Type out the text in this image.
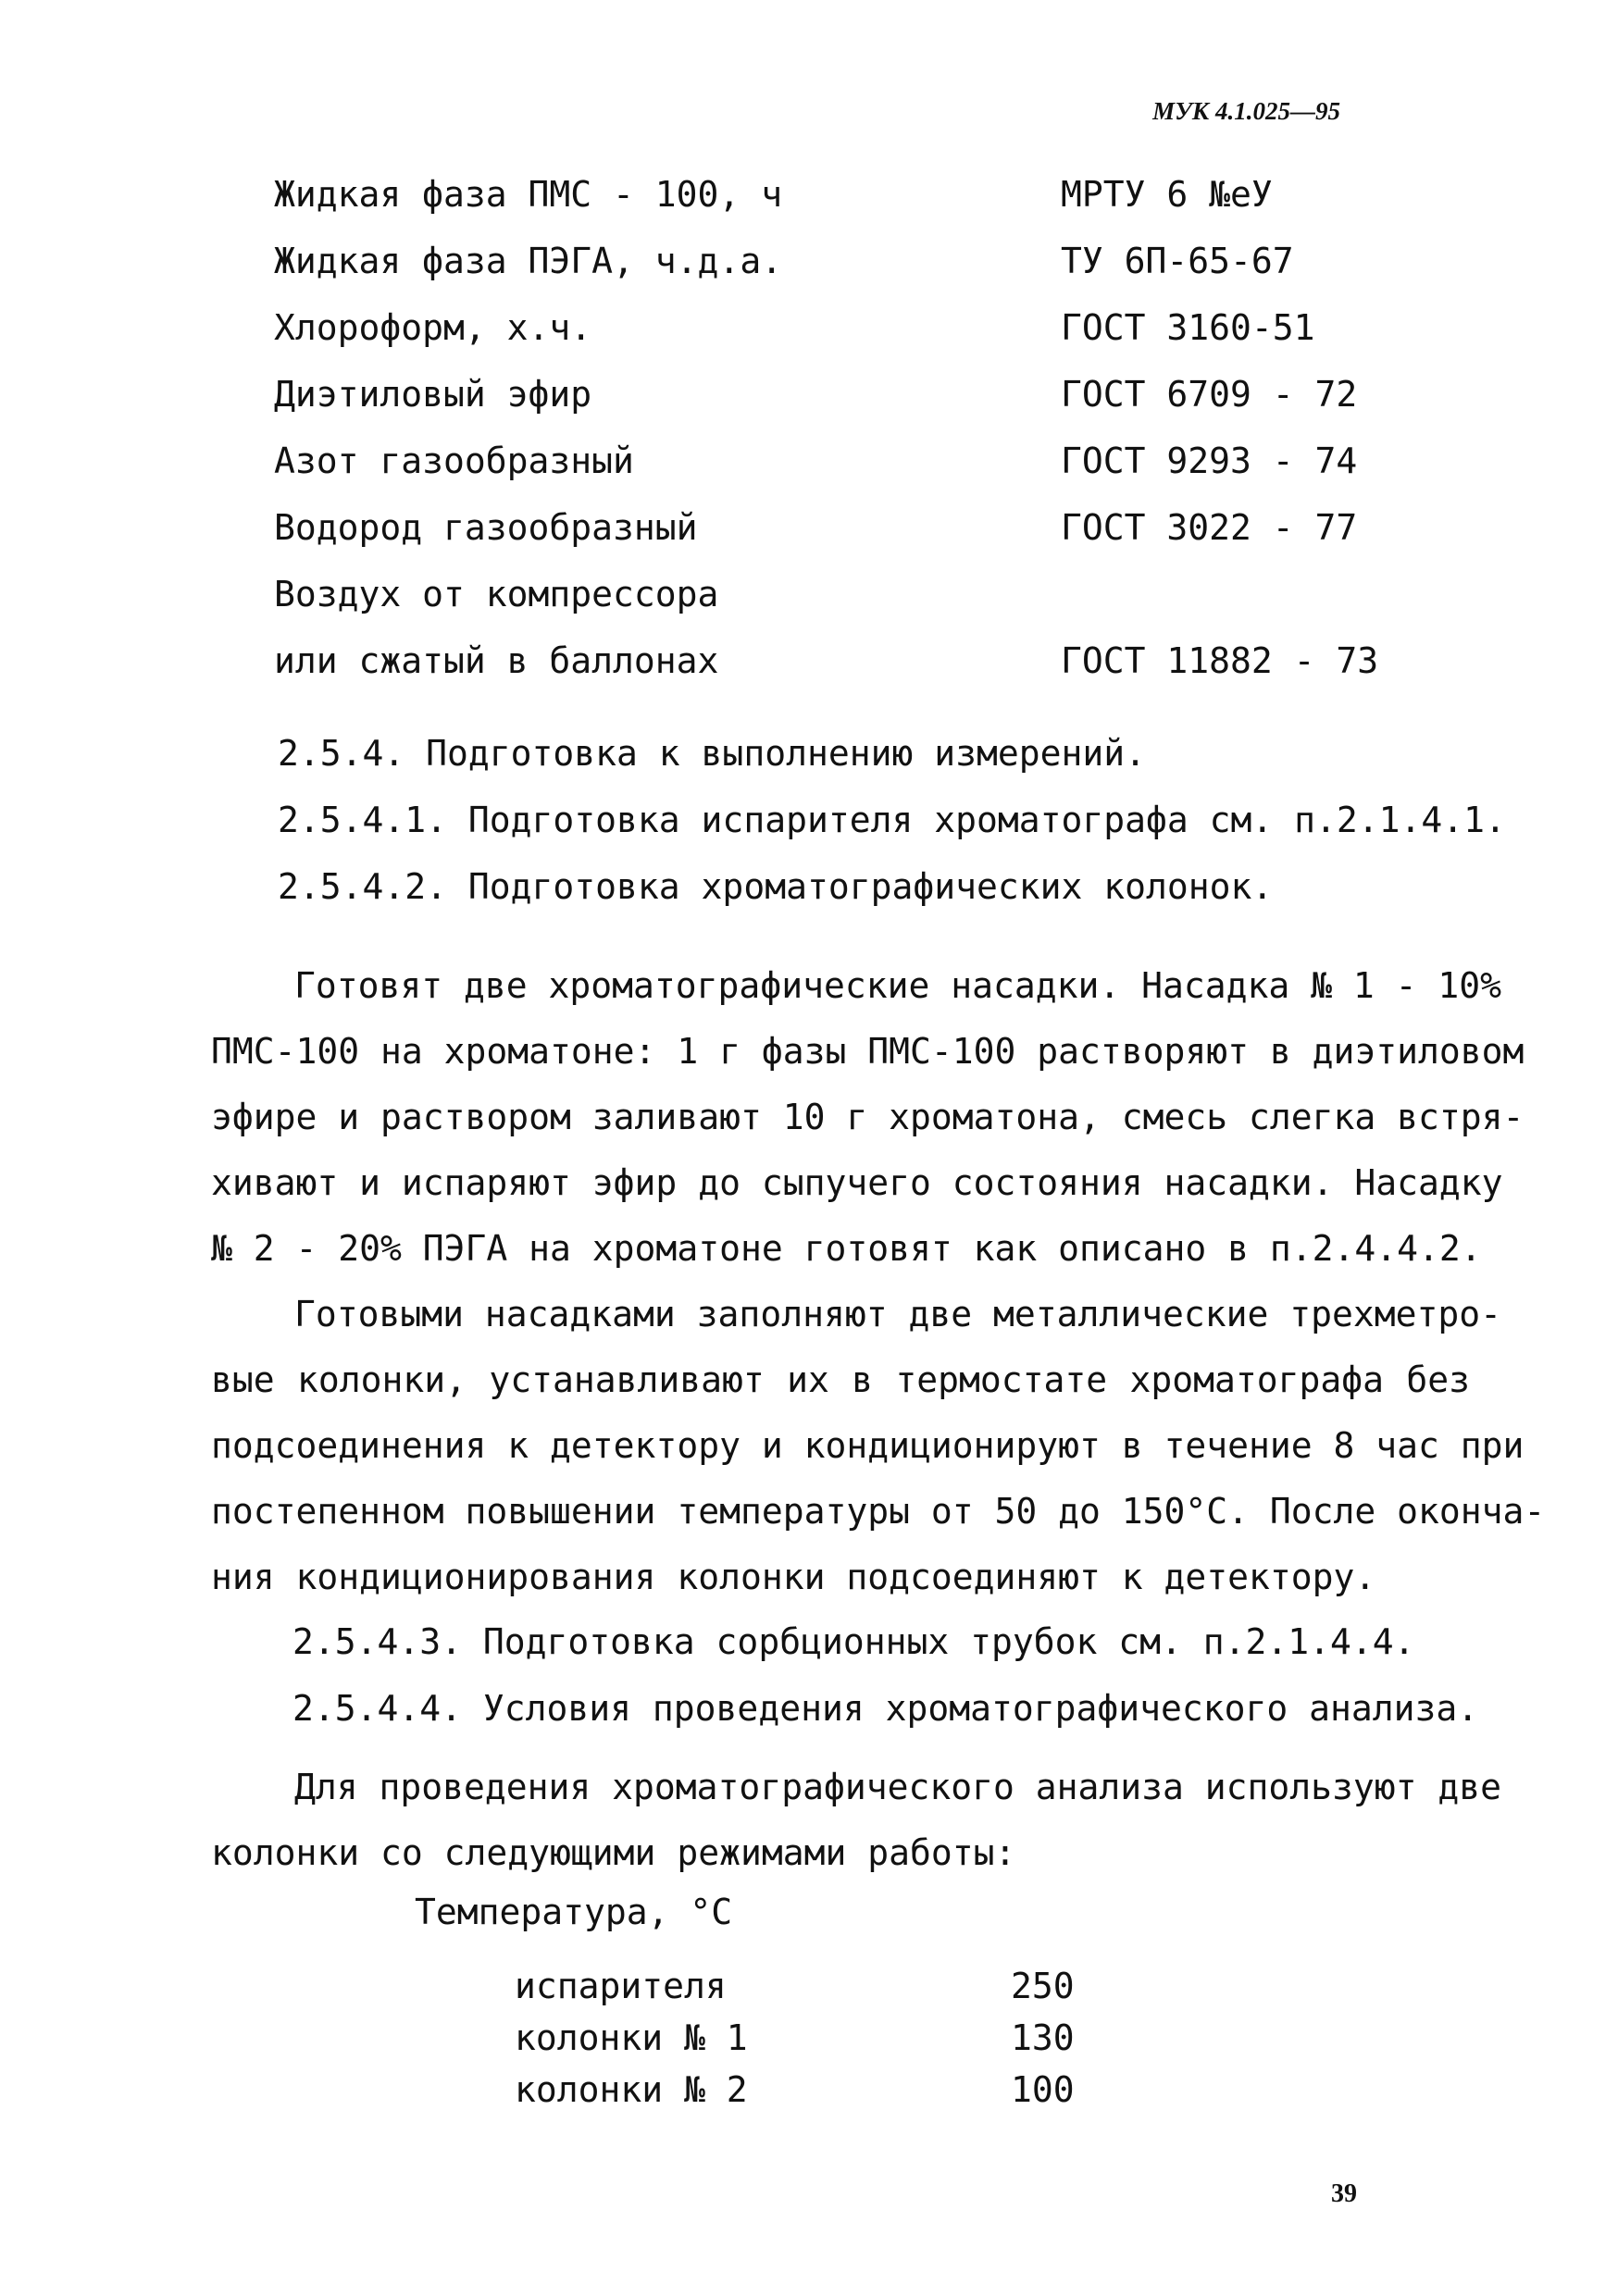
МУК 4.1.025—95
Жидкая фаза ПМС - 100, ч	МРТУ 6 №eУ
Жидкая фаза ПЭГА, ч.д.а.	ТУ 6П-65-67
Хлороформ, х.ч.	ГОСТ 3160-51
Диэтиловый эфир	ГОСТ 6709 - 72
Азот газообразный	ГОСТ 9293 - 74
Водород газообразный	ГОСТ 3022 - 77
Воздух от компрессора
или сжатый в баллонах	ГОСТ 11882 - 73
2.5.4. Подготовка к выполнению измерений.
2.5.4.1. Подготовка испарителя хроматографа см. п.2.1.4.1.
2.5.4.2. Подготовка хроматографических колонок.
Готовят две хроматографические насадки. Насадка № 1 - 10%
ПМС-100 на хроматоне: 1 г фазы ПМС-100 растворяют в диэтиловом
эфире и раствором заливают 10 г хроматона, смесь слегка встря-
хивают и испаряют эфир до сыпучего состояния насадки. Насадку
№ 2 - 20% ПЭГА на хроматоне готовят как описано в п.2.4.4.2.
Готовыми насадками заполняют две металлические трехметро-
вые колонки, устанавливают их в термостате хроматографа без
подсоединения к детектору и кондиционируют в течение 8 час при
постепенном повышении температуры от 50 до 150°С. После оконча-
ния кондиционирования колонки подсоединяют к детектору.
2.5.4.3. Подготовка сорбционных трубок см. п.2.1.4.4.
2.5.4.4. Условия проведения хроматографического анализа.
Для проведения хроматографического анализа используют две
колонки со следующими режимами работы:
Температура, °С
испарителя	250
колонки № 1	130
колонки № 2	100
39
